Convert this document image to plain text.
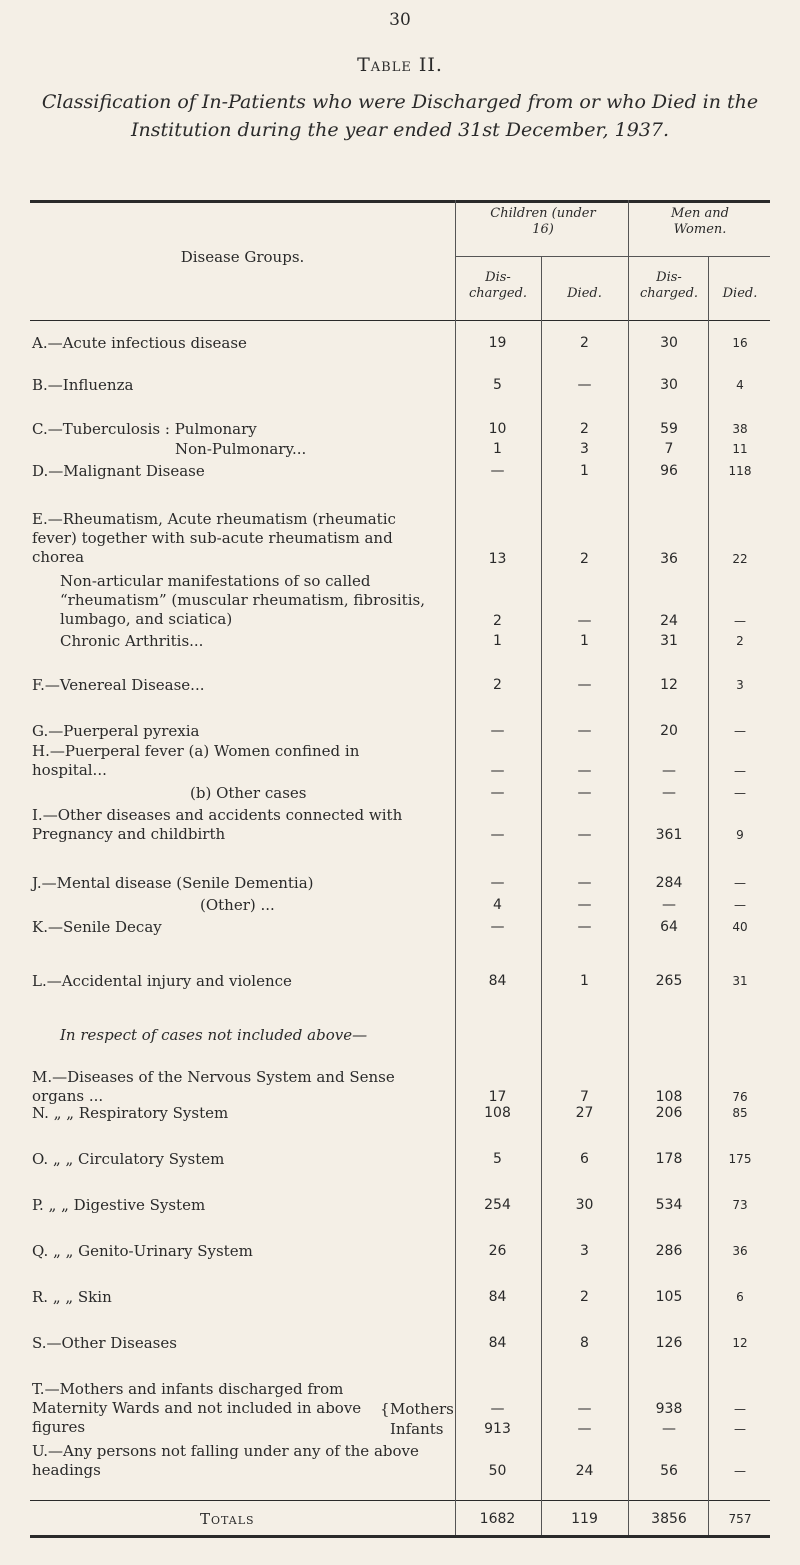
30
Table II.
Classification of In-Patients who were Discharged from or who Died in the Institution during the year ended 31st December, 1937.
Disease Groups.
Children (under 16)
Men and Women.
Dis- charged.	Died.
Dis- charged.	Died.
A.—Acute infectious disease	19	2	30	16
B.—Influenza	5	—	30	4
C.—Tuberculosis : Pulmonary	10	2	59	38
Non-Pulmonary...	1	3	7	11
D.—Malignant Disease	—	1	96	118
E.—Rheumatism, Acute rheumatism (rheumatic fever) together with sub-acute rheumatism and chorea	13	2	36	22
Non-articular manifestations of so called “rheumatism” (muscular rheumatism, fibrositis, lumbago, and sciatica)	2	—	24	—
Chronic Arthritis...	1	1	31	2
F.—Venereal Disease...	2	—	12	3
G.—Puerperal pyrexia	—	—	20	—
H.—Puerperal fever (a) Women confined in hospital...	—	—	—	—
(b) Other cases	—	—	—	—
I.—Other diseases and accidents connected with Pregnancy and childbirth	—	—	361	9
J.—Mental disease (Senile Dementia)	—	—	284	—
(Other) ...	4	—	—	—
K.—Senile Decay	—	—	64	40
L.—Accidental injury and violence	84	1	265	31
In respect of cases not included above—
M.—Diseases of the Nervous System and Sense organs ...	17	7	108	76
N. „ „ Respiratory System	108	27	206	85
O. „ „ Circulatory System	5	6	178	175
P. „ „ Digestive System	254	30	534	73
Q. „ „ Genito-Urinary System	26	3	286	36
R. „ „ Skin	84	2	105	6
S.—Other Diseases	84	8	126	12
T.—Mothers and infants discharged from Maternity Wards and not included in above figures
{ Mothers	—	—	938	—
Infants	913	—	—	—
U.—Any persons not falling under any of the above headings	50	24	56	—
Totals	1682	119	3856	757
